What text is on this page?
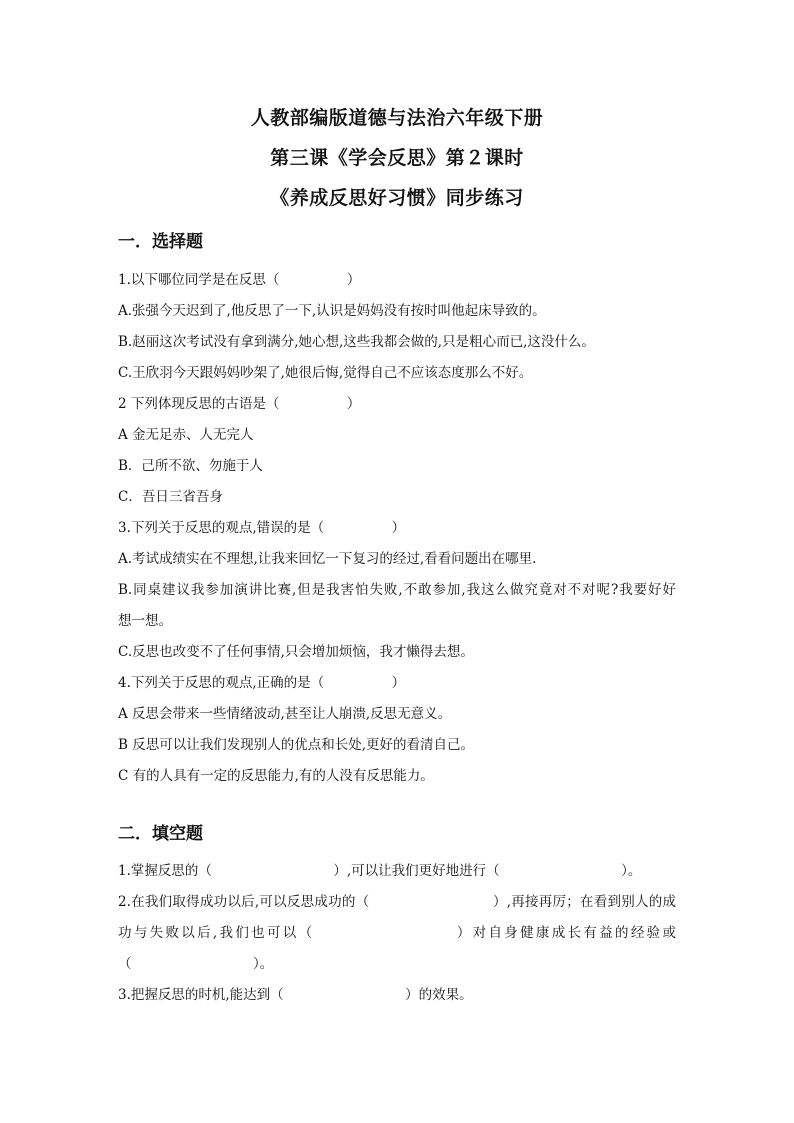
人教部编版道德与法治六年级下册
第三课《学会反思》第２课时
《养成反思好习惯》同步练习
一．选择题
1.以下哪位同学是在反思（　　　　　）
A.张强今天迟到了,他反思了一下,认识是妈妈没有按时叫他起床导致的。
B.赵丽这次考试没有拿到满分,她心想,这些我都会做的,只是粗心而已,这没什么。
C.王欣羽今天跟妈妈吵架了,她很后悔,觉得自己不应该态度那么不好。
2 下列体现反思的古语是（　　　　　）
A 金无足赤、人无完人
B．己所不欲、勿施于人
C．吾日三省吾身
3.下列关于反思的观点,错误的是（　　　　　）
A.考试成绩实在不理想,让我来回忆一下复习的经过,看看问题出在哪里.
B.同桌建议我参加演讲比赛,但是我害怕失败,不敢参加,我这么做究竟对不对呢?我要好好
想一想。
C.反思也改变不了任何事情,只会增加烦恼，我才懒得去想。
4.下列关于反思的观点,正确的是（　　　　　）
A 反思会带来一些情绪波动,甚至让人崩溃,反思无意义。
B 反思可以让我们发现别人的优点和长处,更好的看清自己。
C 有的人具有一定的反思能力,有的人没有反思能力。
二．填空题
1.掌握反思的（　　　　　　　　　）,可以让我们更好地进行（　　　　　　　　　）。
2.在我们取得成功以后,可以反思成功的（　　　　　　　　　）,再接再厉；在看到别人的成
功与失败以后,我们也可以（　　　　　　　　　）对自身健康成长有益的经验或
（　　　　　　　　　）。
3.把握反思的时机,能达到（　　　　　　　　　）的效果。
